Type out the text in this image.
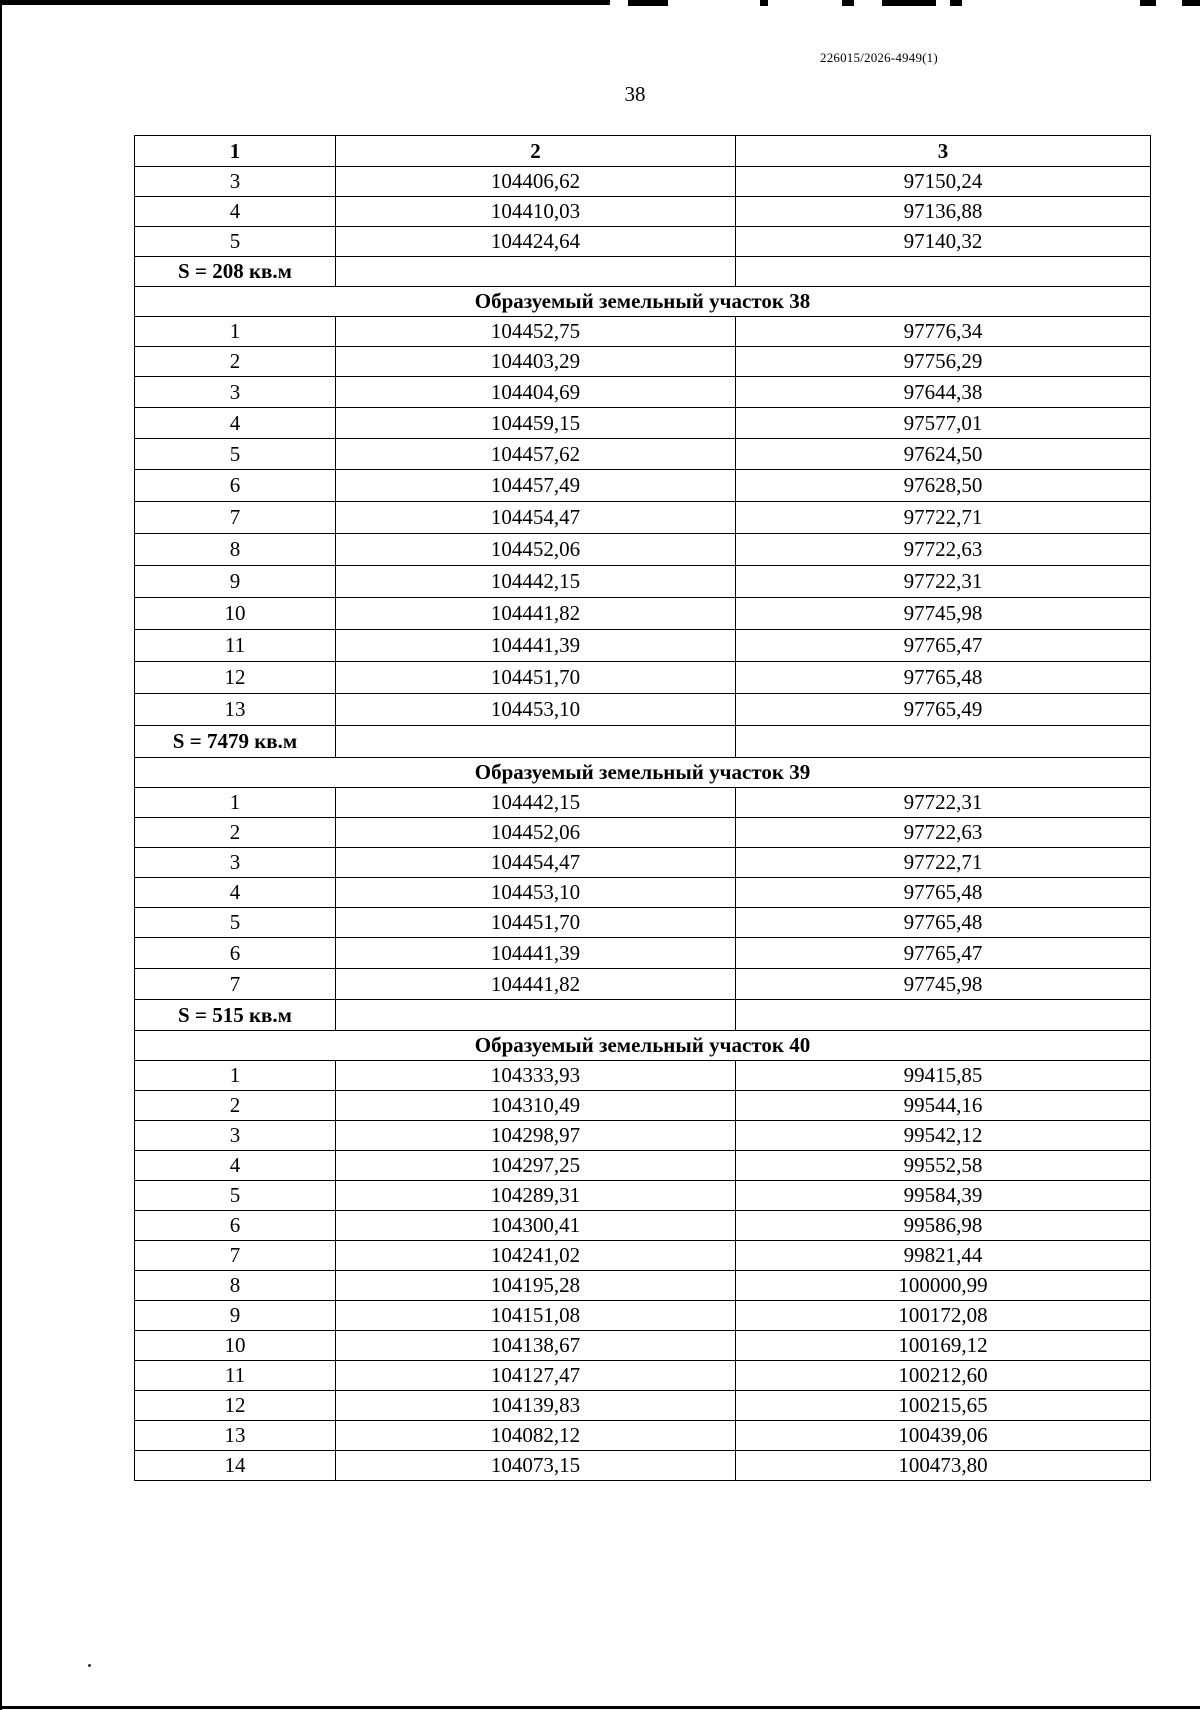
226015/2026-4949(1)
38
1	2	3
3	104406,62	97150,24
4	104410,03	97136,88
5	104424,64	97140,32
S = 208 кв.м		
Образуемый земельный участок 38		
1	104452,75	97776,34
2	104403,29	97756,29
3	104404,69	97644,38
4	104459,15	97577,01
5	104457,62	97624,50
6	104457,49	97628,50
7	104454,47	97722,71
8	104452,06	97722,63
9	104442,15	97722,31
10	104441,82	97745,98
11	104441,39	97765,47
12	104451,70	97765,48
13	104453,10	97765,49
S = 7479 кв.м		
Образуемый земельный участок 39		
1	104442,15	97722,31
2	104452,06	97722,63
3	104454,47	97722,71
4	104453,10	97765,48
5	104451,70	97765,48
6	104441,39	97765,47
7	104441,82	97745,98
S = 515 кв.м		
Образуемый земельный участок 40		
1	104333,93	99415,85
2	104310,49	99544,16
3	104298,97	99542,12
4	104297,25	99552,58
5	104289,31	99584,39
6	104300,41	99586,98
7	104241,02	99821,44
8	104195,28	100000,99
9	104151,08	100172,08
10	104138,67	100169,12
11	104127,47	100212,60
12	104139,83	100215,65
13	104082,12	100439,06
14	104073,15	100473,80
